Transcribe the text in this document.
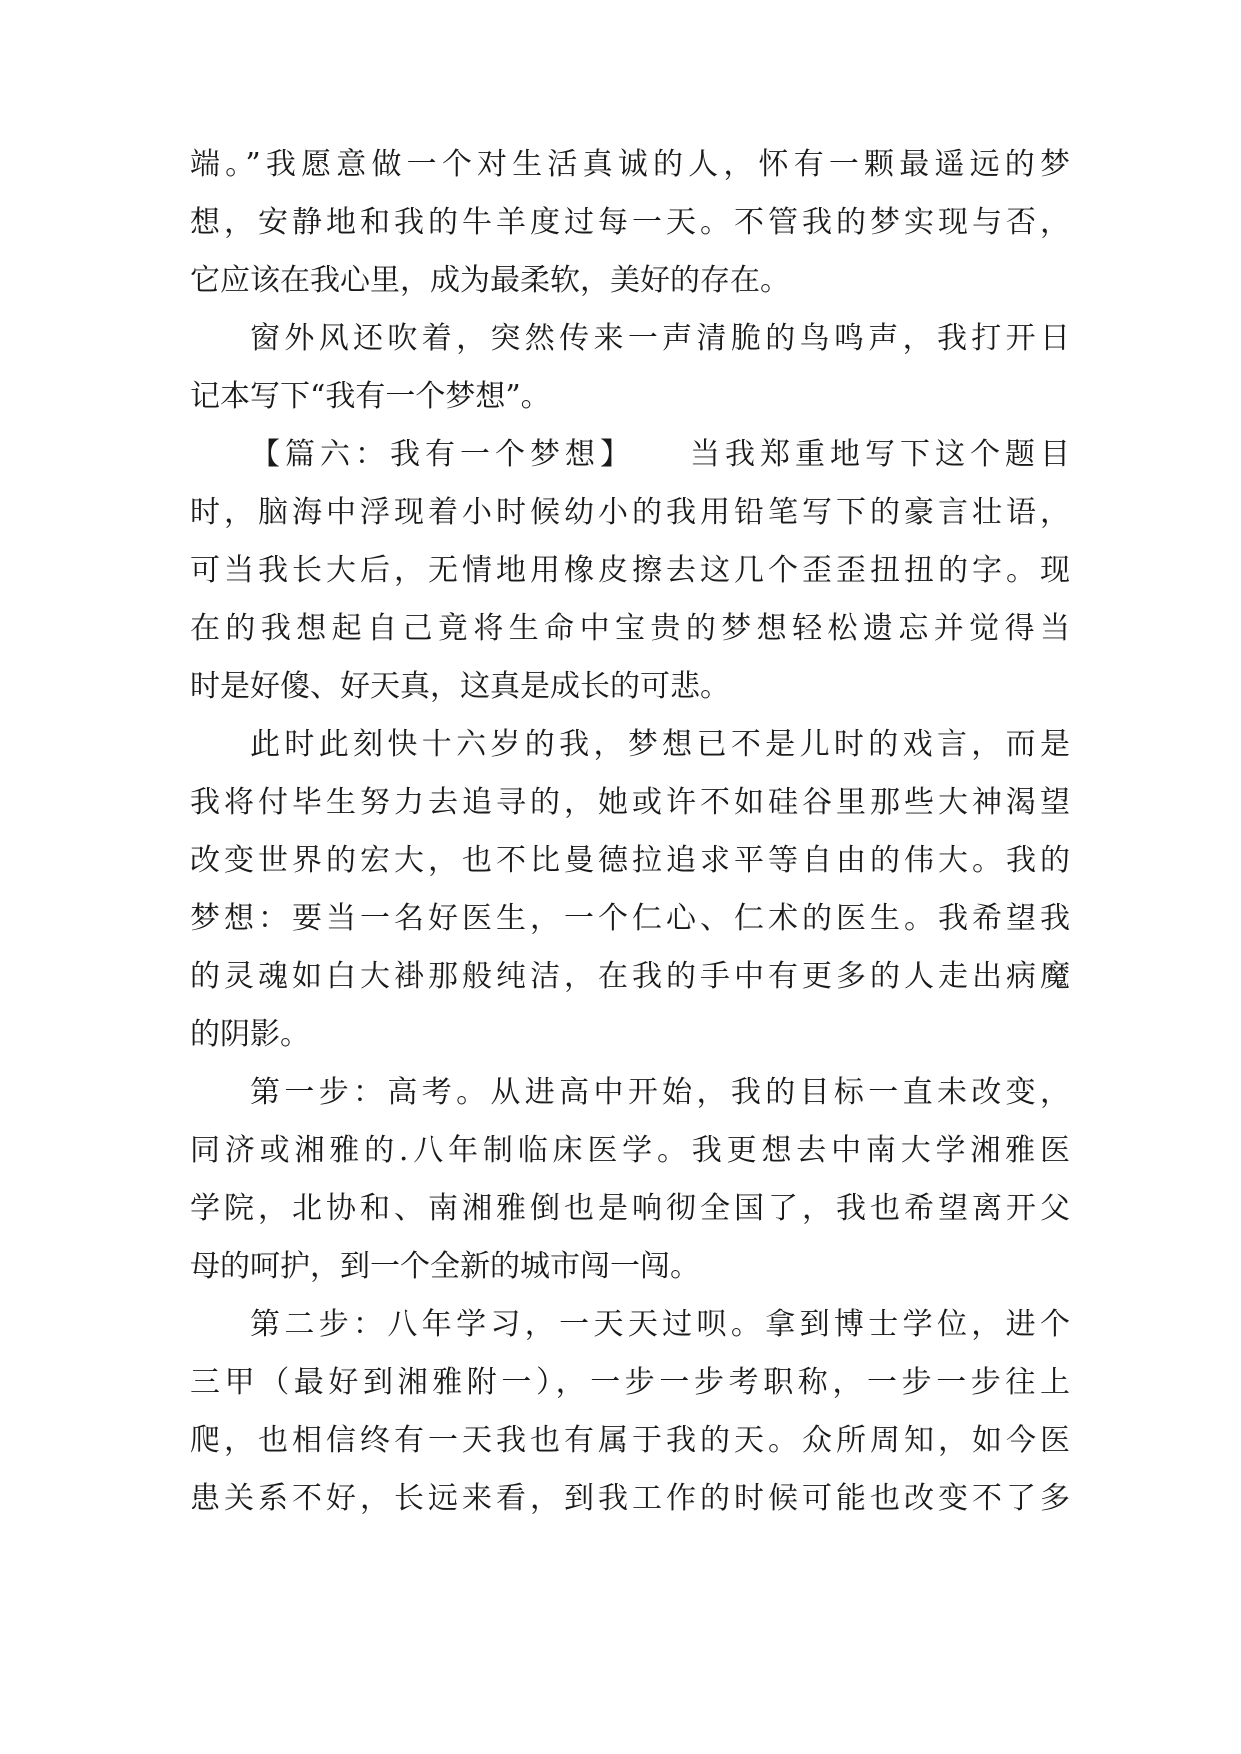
端。”我愿意做一个对生活真诚的人，怀有一颗最遥远的梦
想，安静地和我的牛羊度过每一天。不管我的梦实现与否，
它应该在我心里，成为最柔软，美好的存在。
窗外风还吹着，突然传来一声清脆的鸟鸣声，我打开日
记本写下“我有一个梦想”。
【篇六：我有一个梦想】　　当我郑重地写下这个题目
时，脑海中浮现着小时候幼小的我用铅笔写下的豪言壮语，
可当我长大后，无情地用橡皮擦去这几个歪歪扭扭的字。现
在的我想起自己竟将生命中宝贵的梦想轻松遗忘并觉得当
时是好傻、好天真，这真是成长的可悲。
此时此刻快十六岁的我，梦想已不是儿时的戏言，而是
我将付毕生努力去追寻的，她或许不如硅谷里那些大神渴望
改变世界的宏大，也不比曼德拉追求平等自由的伟大。我的
梦想：要当一名好医生，一个仁心、仁术的医生。我希望我
的灵魂如白大褂那般纯洁，在我的手中有更多的人走出病魔
的阴影。
第一步：高考。从进高中开始，我的目标一直未改变，
同济或湘雅的.八年制临床医学。我更想去中南大学湘雅医
学院，北协和、南湘雅倒也是响彻全国了，我也希望离开父
母的呵护，到一个全新的城市闯一闯。
第二步：八年学习，一天天过呗。拿到博士学位，进个
三甲（最好到湘雅附一），一步一步考职称，一步一步往上
爬，也相信终有一天我也有属于我的天。众所周知，如今医
患关系不好，长远来看，到我工作的时候可能也改变不了多
